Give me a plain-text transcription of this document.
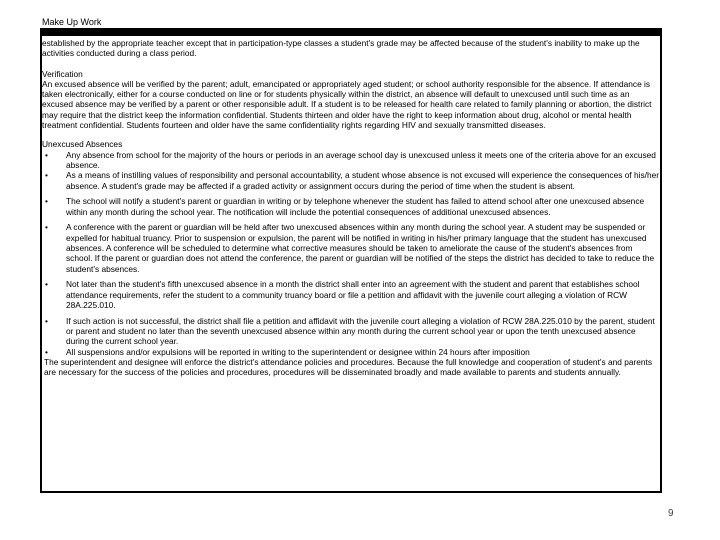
Make Up Work

established by the appropriate teacher except that in participation-type classes a student's grade may be affected because of the student's inability to make up the activities conducted during a class period.

Verification

An excused absence will be verified by the parent; adult, emancipated or appropriately aged student; or school authority responsible for the absence. If attendance is taken electronically, either for a course conducted on line or for students physically within the district, an absence will default to unexcused until such time as an excused absence may be verified by a parent or other responsible adult. If a student is to be released for health care related to family planning or abortion, the district may require that the district keep the information confidential. Students thirteen and older have the right to keep information about drug, alcohol or mental health treatment confidential. Students fourteen and older have the same confidentiality rights regarding HIV and sexually transmitted diseases.

Unexcused Absences

• Any absence from school for the majority of the hours or periods in an average school day is unexcused unless it meets one of the criteria above for an excused absence.
• As a means of instilling values of responsibility and personal accountability, a student whose absence is not excused will experience the consequences of his/her absence. A student's grade may be affected if a graded activity or assignment occurs during the period of time when the student is absent.
• The school will notify a student's parent or guardian in writing or by telephone whenever the student has failed to attend school after one unexcused absence within any month during the school year. The notification will include the potential consequences of additional unexcused absences.
• A conference with the parent or guardian will be held after two unexcused absences within any month during the school year. A student may be suspended or expelled for habitual truancy. Prior to suspension or expulsion, the parent will be notified in writing in his/her primary language that the student has unexcused absences. A conference will be scheduled to determine what corrective measures should be taken to ameliorate the cause of the student's absences from school. If the parent or guardian does not attend the conference, the parent or guardian will be notified of the steps the district has decided to take to reduce the student's absences.
• Not later than the student's fifth unexcused absence in a month the district shall enter into an agreement with the student and parent that establishes school attendance requirements, refer the student to a community truancy board or file a petition and affidavit with the juvenile court alleging a violation of RCW 28A.225.010.
• If such action is not successful, the district shall file a petition and affidavit with the juvenile court alleging a violation of RCW 28A.225.010 by the parent, student or parent and student no later than the seventh unexcused absence within any month during the current school year or upon the tenth unexcused absence during the current school year.
• All suspensions and/or expulsions will be reported in writing to the superintendent or designee within 24 hours after imposition

The superintendent and designee will enforce the district's attendance policies and procedures. Because the full knowledge and cooperation of student's and parents are necessary for the success of the policies and procedures, procedures will be disseminated broadly and made available to parents and students annually.

9
